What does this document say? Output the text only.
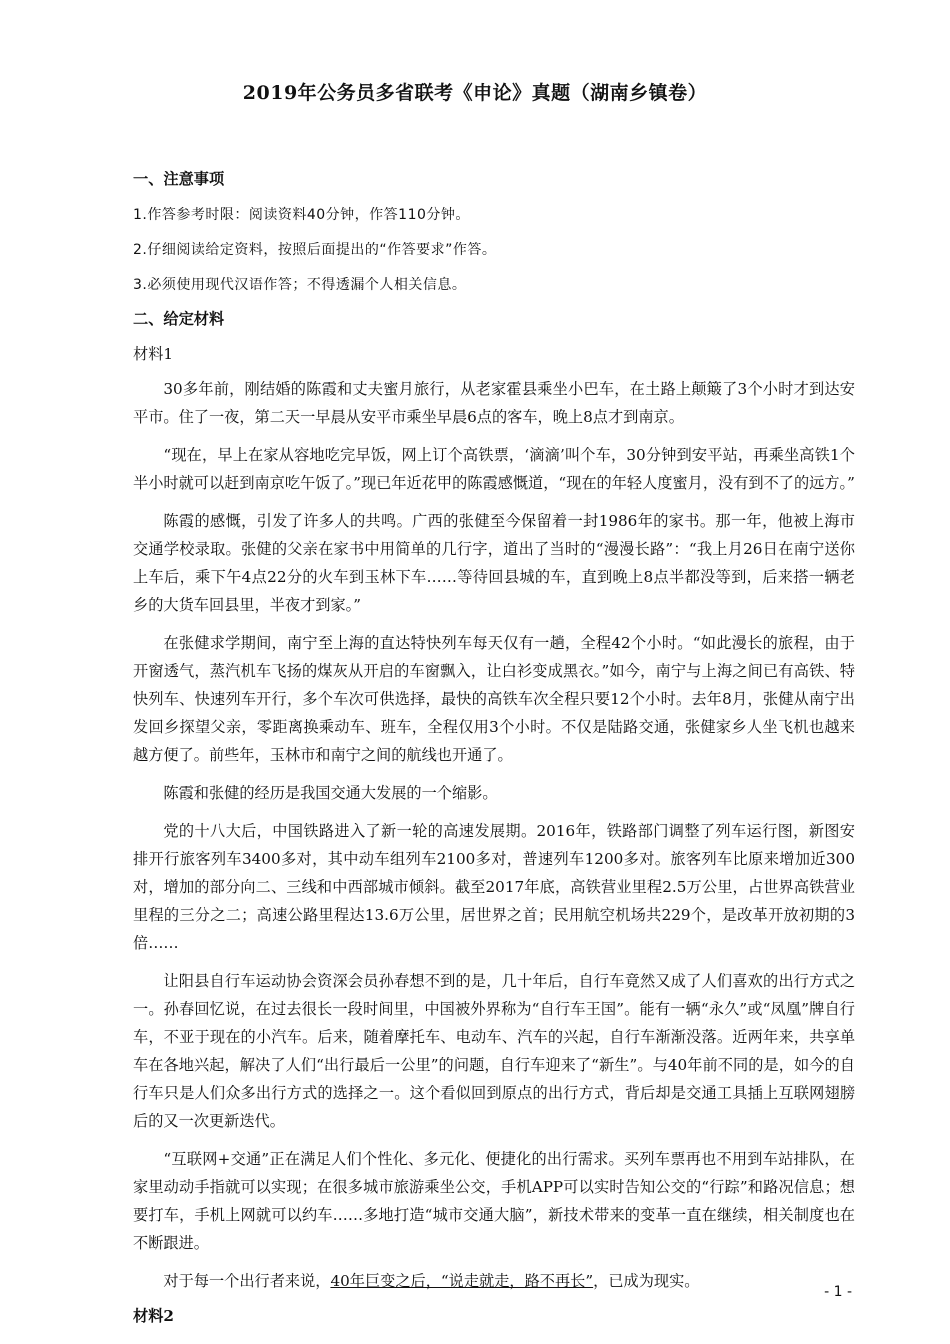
2019年公务员多省联考《申论》真题（湖南乡镇卷）
一、注意事项
1.作答参考时限：阅读资料40分钟，作答110分钟。
2.仔细阅读给定资料，按照后面提出的“作答要求”作答。
3.必须使用现代汉语作答；不得透漏个人相关信息。
二、给定材料
材料1

30多年前，刚结婚的陈霞和丈夫蜜月旅行，从老家霍县乘坐小巴车，在土路上颠簸了3个小时才到达安平市。住了一夜，第二天一早晨从安平市乘坐早晨6点的客车，晚上8点才到南京。

“现在，早上在家从容地吃完早饭，网上订个高铁票，‘滴滴’叫个车，30分钟到安平站，再乘坐高铁1个半小时就可以赶到南京吃午饭了。”现已年近花甲的陈霞感慨道，“现在的年轻人度蜜月，没有到不了的远方。”

陈霞的感慨，引发了许多人的共鸣。广西的张健至今保留着一封1986年的家书。那一年，他被上海市交通学校录取。张健的父亲在家书中用简单的几行字，道出了当时的“漫漫长路”：“我上月26日在南宁送你上车后，乘下午4点22分的火车到玉林下车……等待回县城的车，直到晚上8点半都没等到，后来搭一辆老乡的大货车回县里，半夜才到家。”

在张健求学期间，南宁至上海的直达特快列车每天仅有一趟，全程42个小时。“如此漫长的旅程，由于开窗透气，蒸汽机车飞扬的煤灰从开启的车窗飘入，让白衫变成黑衣。”如今，南宁与上海之间已有高铁、特快列车、快速列车开行，多个车次可供选择，最快的高铁车次全程只要12个小时。去年8月，张健从南宁出发回乡探望父亲，零距离换乘动车、班车，全程仅用3个小时。不仅是陆路交通，张健家乡人坐飞机也越来越方便了。前些年，玉林市和南宁之间的航线也开通了。

陈霞和张健的经历是我国交通大发展的一个缩影。

党的十八大后，中国铁路进入了新一轮的高速发展期。2016年，铁路部门调整了列车运行图，新图安排开行旅客列车3400多对，其中动车组列车2100多对，普速列车1200多对。旅客列车比原来增加近300对，增加的部分向二、三线和中西部城市倾斜。截至2017年底，高铁营业里程2.5万公里，占世界高铁营业里程的三分之二；高速公路里程达13.6万公里，居世界之首；民用航空机场共229个，是改革开放初期的3倍……

让阳县自行车运动协会资深会员孙春想不到的是，几十年后，自行车竟然又成了人们喜欢的出行方式之一。孙春回忆说，在过去很长一段时间里，中国被外界称为“自行车王国”。能有一辆“永久”或“凤凰”牌自行车，不亚于现在的小汽车。后来，随着摩托车、电动车、汽车的兴起，自行车渐渐没落。近两年来，共享单车在各地兴起，解决了人们“出行最后一公里”的问题，自行车迎来了“新生”。与40年前不同的是，如今的自行车只是人们众多出行方式的选择之一。这个看似回到原点的出行方式，背后却是交通工具插上互联网翅膀后的又一次更新迭代。

“互联网+交通”正在满足人们个性化、多元化、便捷化的出行需求。买列车票再也不用到车站排队，在家里动动手指就可以实现；在很多城市旅游乘坐公交，手机APP可以实时告知公交的“行踪”和路况信息；想要打车，手机上网就可以约车……多地打造“城市交通大脑”，新技术带来的变革一直在继续，相关制度也在不断跟进。

对于每一个出行者来说，40年巨变之后，“说走就走，路不再长”，已成为现实。

材料2
- 1 -
